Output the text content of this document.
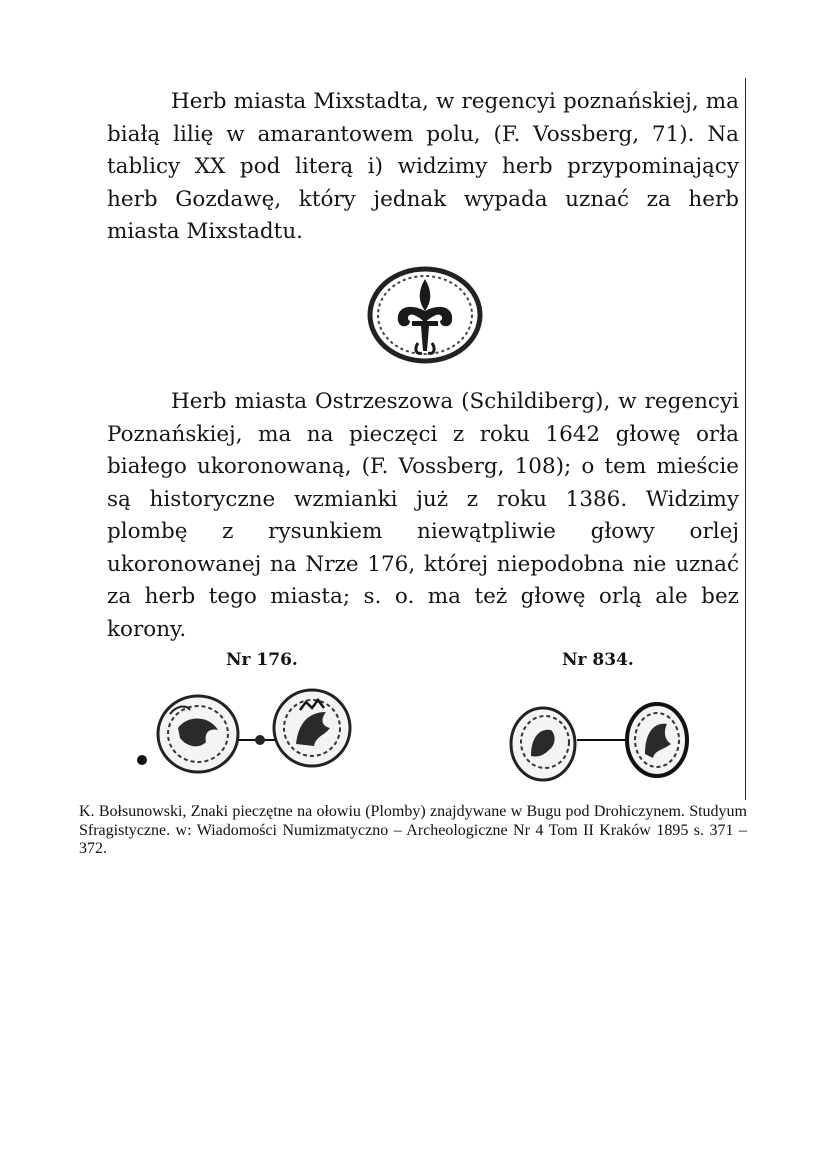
Herb miasta Mixstadta, w regencyi poznańskiej, ma białą lilię w amarantowem polu, (F. Vossberg, 71). Na tablicy XX pod literą i) widzimy herb przypominający herb Gozdawę, który jednak wypada uznać za herb miasta Mixstadtu.

Herb miasta Ostrzeszowa (Schildiberg), w regencyi Poznańskiej, ma na pieczęci z roku 1642 głowę orła białego ukoronowaną, (F. Vossberg, 108); o tem mieście są historyczne wzmianki już z roku 1386. Widzimy plombę z rysunkiem niewątpliwie głowy orlej ukoronowanej na Nrze 176, której niepodobna nie uznać za herb tego miasta; s. o. ma też głowę orlą ale bez korony.

Nr 176.	Nr 834.
K. Bołsunowski, Znaki pieczętne na ołowiu (Plomby) znajdywane w Bugu pod Drohiczynem. Studyum Sfragistyczne. w: Wiadomości Numizmatyczno – Archeologiczne Nr 4 Tom II Kraków 1895 s. 371 – 372.
